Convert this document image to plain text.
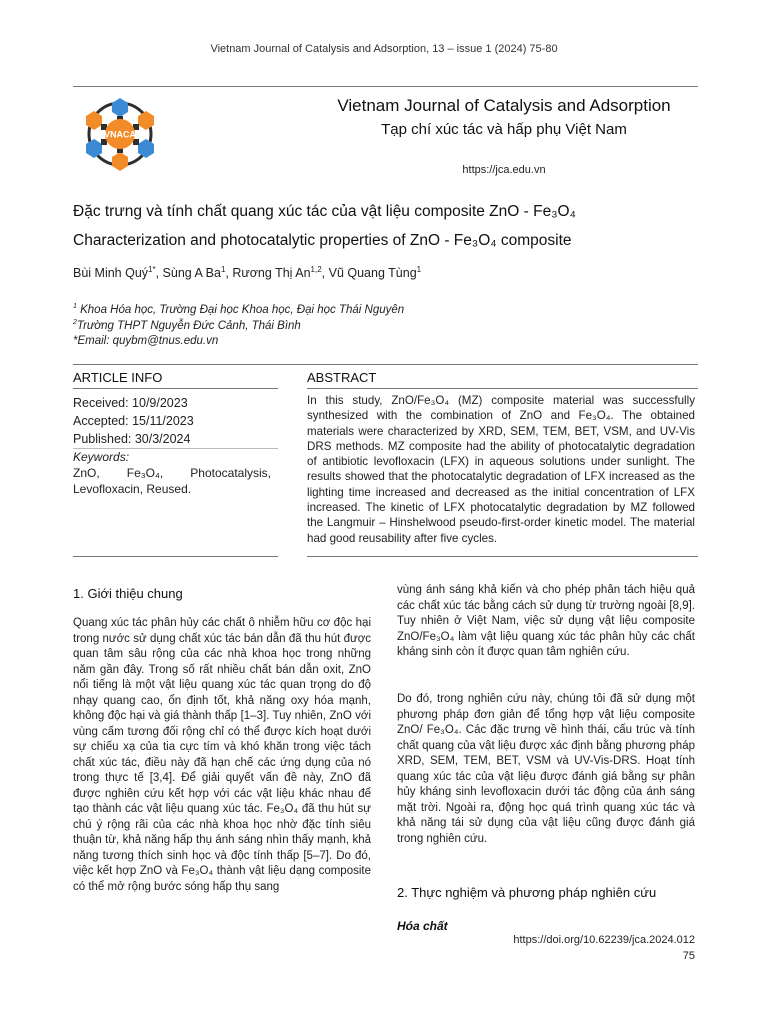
Vietnam Journal of Catalysis and Adsorption, 13 – issue 1 (2024) 75-80
VNACA
Vietnam Journal of Catalysis and Adsorption
Tạp chí xúc tác và hấp phụ Việt Nam
https://jca.edu.vn
Đặc trưng và tính chất quang xúc tác của vật liệu composite ZnO - Fe₃O₄
Characterization and photocatalytic properties of ZnO - Fe₃O₄ composite
Bùi Minh Quý$^{1*}$, Sùng A Ba$^1$, Rương Thị An$^{1,2}$, Vũ Quang Tùng$^1$
$^1$ Khoa Hóa học, Trường Đại học Khoa học, Đại học Thái Nguyên
$^2$Trường THPT Nguyễn Đức Cảnh, Thái Bình
*Email: quybm@tnus.edu.vn
ARTICLE INFO	ABSTRACT
Received: 10/9/2023
Accepted: 15/11/2023
Published: 30/3/2024
Keywords:
ZnO, Fe₃O₄, Photocatalysis, Levofloxacin, Reused.
In this study, ZnO/Fe₃O₄ (MZ) composite material was successfully synthesized with the combination of ZnO and Fe₃O₄. The obtained materials were characterized by XRD, SEM, TEM, BET, VSM, and UV-Vis DRS methods. MZ composite had the ability of photocatalytic degradation of antibiotic levofloxacin (LFX) in aqueous solutions under sunlight. The results showed that the photocatalytic degradation of LFX increased as the lighting time increased and decreased as the initial concentration of LFX increased. The kinetic of LFX photocatalytic degradation by MZ followed the Langmuir – Hinshelwood pseudo-first-order kinetic model. The material had good reusability after five cycles.
1. Giới thiệu chung
Quang xúc tác phân hủy các chất ô nhiễm hữu cơ độc hại trong nước sử dụng chất xúc tác bán dẫn đã thu hút được quan tâm sâu rộng của các nhà khoa học trong những năm gần đây. Trong số rất nhiều chất bán dẫn oxit, ZnO nổi tiếng là một vật liệu quang xúc tác quan trọng do độ nhạy quang cao, ổn định tốt, khả năng oxy hóa mạnh, không độc hại và giá thành thấp [1–3]. Tuy nhiên, ZnO với vùng cấm tương đối rộng chỉ có thể được kích hoạt dưới sự chiếu xạ của tia cực tím và khó khăn trong việc tách chất xúc tác, điều này đã hạn chế các ứng dụng của nó trong thực tế [3,4]. Để giải quyết vấn đề này, ZnO đã được nghiên cứu kết hợp với các vật liệu khác nhau để tạo thành các vật liệu quang xúc tác. Fe₃O₄ đã thu hút sự chú ý rộng rãi của các nhà khoa học nhờ đặc tính siêu thuận từ, khả năng hấp thụ ánh sáng nhìn thấy mạnh, khả năng tương thích sinh học và độc tính thấp [5–7]. Do đó, việc kết hợp ZnO và Fe₃O₄ thành vật liệu dạng composite có thể mở rộng bước sóng hấp thụ sang
vùng ánh sáng khả kiến và cho phép phân tách hiệu quả các chất xúc tác bằng cách sử dụng từ trường ngoài [8,9]. Tuy nhiên ở Việt Nam, việc sử dụng vật liệu composite ZnO/Fe₃O₄ làm vật liệu quang xúc tác phân hủy các chất kháng sinh còn ít được quan tâm nghiên cứu.
Do đó, trong nghiên cứu này, chúng tôi đã sử dụng một phương pháp đơn giản để tổng hợp vật liệu composite ZnO/ Fe₃O₄. Các đặc trưng về hình thái, cấu trúc và tính chất quang của vật liệu được xác định bằng phương pháp XRD, SEM, TEM, BET, VSM và UV-Vis-DRS. Hoạt tính quang xúc tác của vật liệu được đánh giá bằng sự phân hủy kháng sinh levofloxacin dưới tác động của ánh sáng mặt trời. Ngoài ra, động học quá trình quang xúc tác và khả năng tái sử dụng của vật liệu cũng được đánh giá trong nghiên cứu.
2. Thực nghiệm và phương pháp nghiên cứu
Hóa chất
https://doi.org/10.62239/jca.2024.012
75
